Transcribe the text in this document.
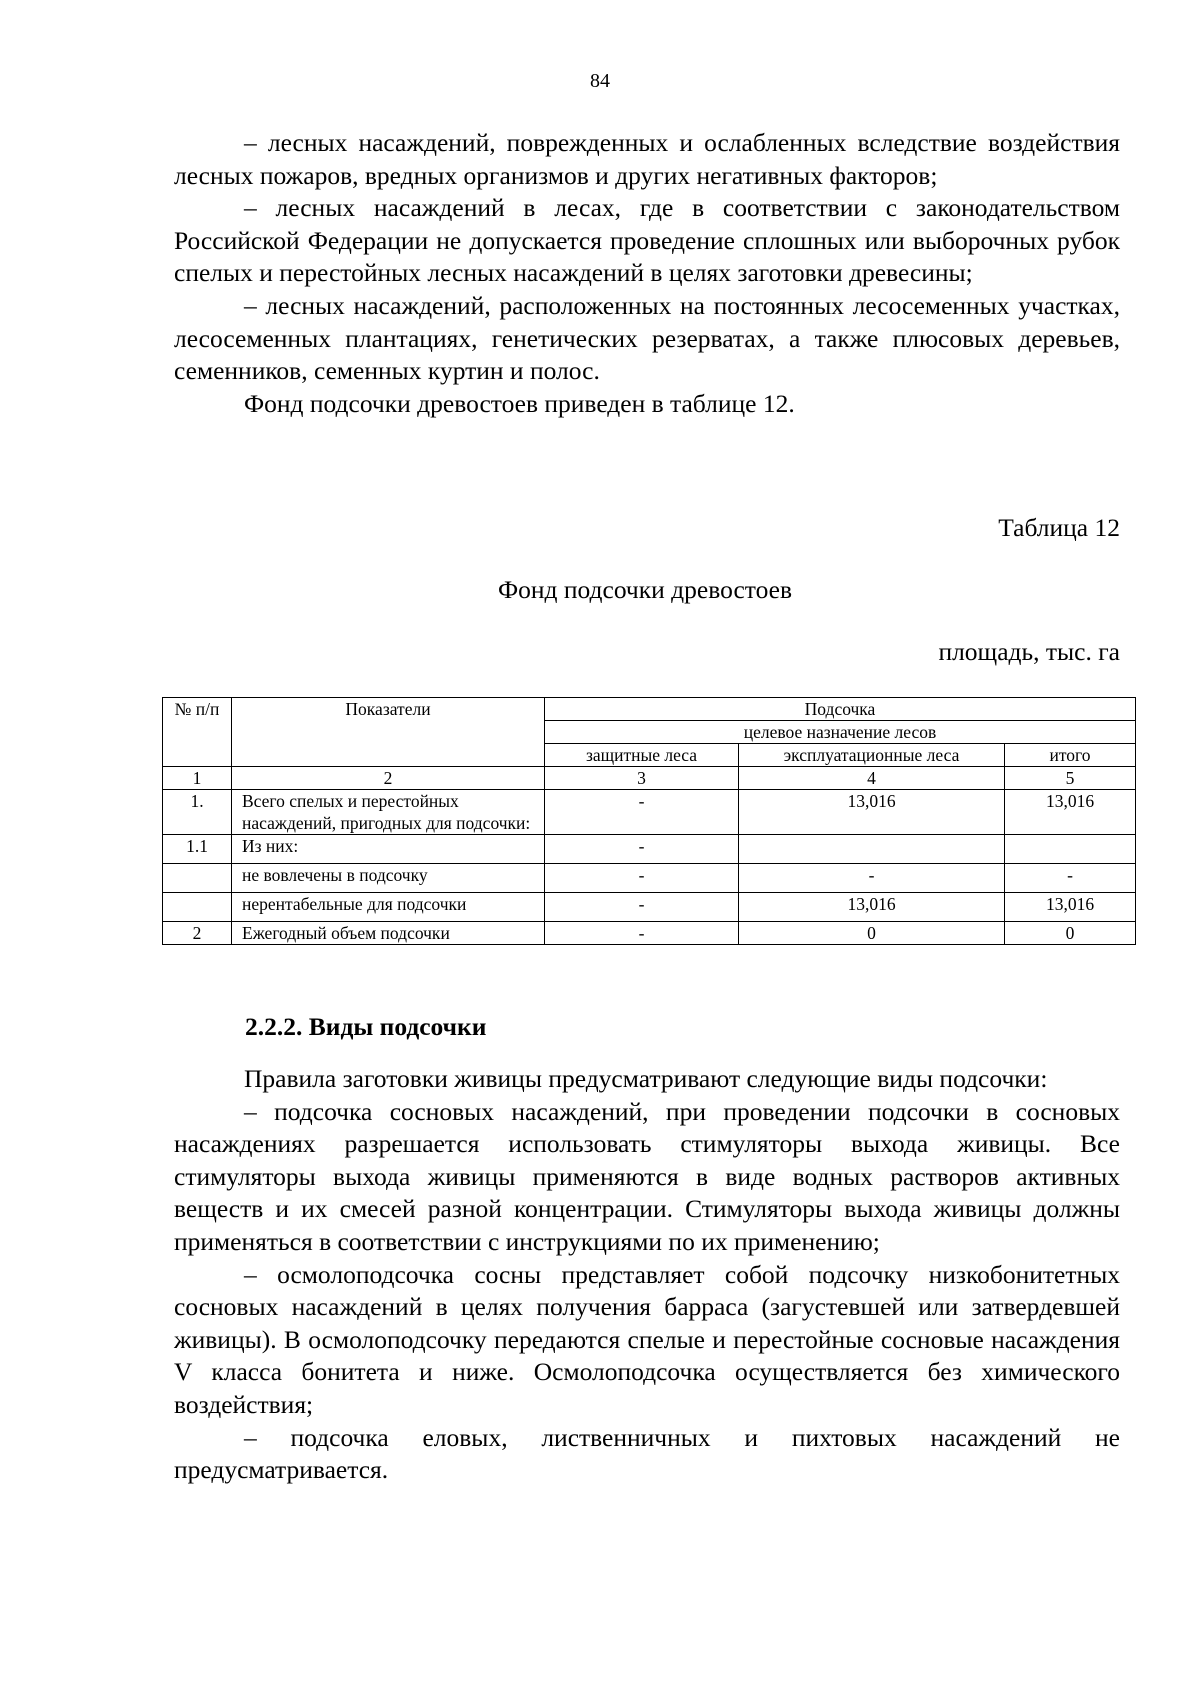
84

– лесных насаждений, поврежденных и ослабленных вследствие воздействия лесных пожаров, вредных организмов и других негативных факторов;

– лесных насаждений в лесах, где в соответствии с законодательством Российской Федерации не допускается проведение сплошных или выборочных рубок спелых и перестойных лесных насаждений в целях заготовки древесины;

– лесных насаждений, расположенных на постоянных лесосеменных участках, лесосеменных плантациях, генетических резерватах, а также плюсовых деревьев, семенников, семенных куртин и полос.

Фонд подсочки древостоев приведен в таблице 12.

Таблица 12
Фонд подсочки древостоев
площадь, тыс. га
№ п/п	Показатели	Подсочка		
		целевое назначение лесов		
		защитные леса	эксплуатационные леса	итого
1	2	3	4	5
1.	Всего спелых и перестойных насаждений, пригодных для подсочки:	-	13,016	13,016
1.1	Из них:	-		
	не вовлечены в подсочку	-	-	-
	нерентабельные для подсочки	-	13,016	13,016
2	Ежегодный объем подсочки	-	0	0
2.2.2. Виды подсочки

Правила заготовки живицы предусматривают следующие виды подсочки:

– подсочка сосновых насаждений, при проведении подсочки в сосновых насаждениях разрешается использовать стимуляторы выхода живицы. Все стимуляторы выхода живицы применяются в виде водных растворов активных веществ и их смесей разной концентрации. Стимуляторы выхода живицы должны применяться в соответствии с инструкциями по их применению;

– осмолоподсочка сосны представляет собой подсочку низкобонитетных сосновых насаждений в целях получения барраса (загустевшей или затвердевшей живицы). В осмолоподсочку передаются спелые и перестойные сосновые насаждения V класса бонитета и ниже. Осмолоподсочка осуществляется без химического воздействия;

– подсочка еловых, лиственничных и пихтовых насаждений не предусматривается.
